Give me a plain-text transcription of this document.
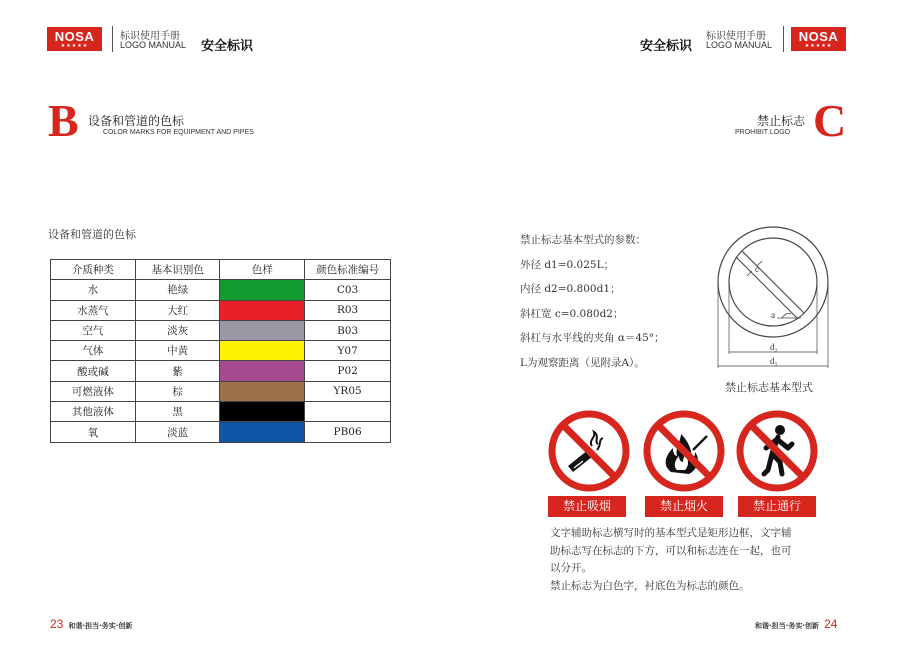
NOSA
★★★★★
标识使用手册
LOGO MANUAL 安全标识	安全标识
标识使用手册
LOGO MANUAL
NOSA
★★★★★
B 设备和管道的色标
COLOR MARKS FOR EQUIPMENT AND PIPES
禁止标志
PROHIBIT LOGO C
设备和管道的色标
介质种类	基本识别色	色样	颜色标准编号
水	艳绿		C03
水蒸气	大红		R03
空气	淡灰		B03
气体	中黄		Y07
酸或碱	紫		P02
可燃液体	棕		YR05
其他液体	黑		
氧	淡蓝		PB06
禁止标志基本型式的参数：
外径 d1=0.025L；
内径 d2=0.800d1；
斜杠宽 c=0.080d2；
斜杠与水平线的夹角 α＝45°；
L为观察距离（见附录A）。
c
a
d₂
d₁
禁止标志基本型式
禁止吸烟	禁止烟火	禁止通行
文字辅助标志横写时的基本型式是矩形边框，文字辅
助标志写在标志的下方，可以和标志连在一起，也可
以分开。
禁止标志为白色字，衬底色为标志的颜色。
23 和谐·担当·务实·创新	和谐·担当·务实·创新 24
